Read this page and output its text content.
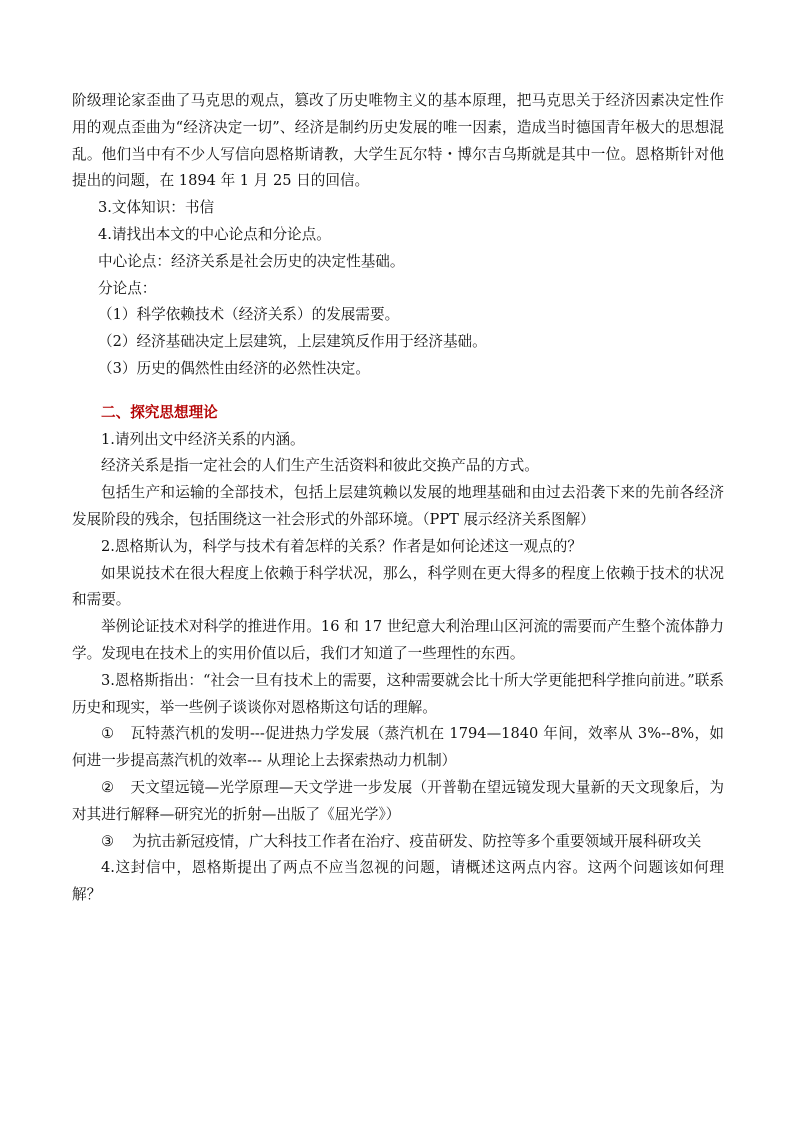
阶级理论家歪曲了马克思的观点，篡改了历史唯物主义的基本原理，把马克思关于经济因素决定性作用的观点歪曲为“经济决定一切”、经济是制约历史发展的唯一因素，造成当时德国青年极大的思想混乱。他们当中有不少人写信向恩格斯请教，大学生瓦尔特・博尔吉乌斯就是其中一位。恩格斯针对他提出的问题，在 1894 年 1 月 25 日的回信。

3.文体知识：书信

4.请找出本文的中心论点和分论点。

中心论点：经济关系是社会历史的决定性基础。

分论点：

（1）科学依赖技术（经济关系）的发展需要。

（2）经济基础决定上层建筑，上层建筑反作用于经济基础。

（3）历史的偶然性由经济的必然性决定。

二、探究思想理论

1.请列出文中经济关系的内涵。

经济关系是指一定社会的人们生产生活资料和彼此交换产品的方式。

包括生产和运输的全部技术，包括上层建筑赖以发展的地理基础和由过去沿袭下来的先前各经济发展阶段的残余，包括围绕这一社会形式的外部环境。（PPT 展示经济关系图解）

2.恩格斯认为，科学与技术有着怎样的关系？作者是如何论述这一观点的？

如果说技术在很大程度上依赖于科学状况，那么，科学则在更大得多的程度上依赖于技术的状况和需要。

举例论证技术对科学的推进作用。16 和 17 世纪意大利治理山区河流的需要而产生整个流体静力学。发现电在技术上的实用价值以后，我们才知道了一些理性的东西。

3.恩格斯指出：“社会一旦有技术上的需要，这种需要就会比十所大学更能把科学推向前进。”联系历史和现实，举一些例子谈谈你对恩格斯这句话的理解。

① 瓦特蒸汽机的发明---促进热力学发展（蒸汽机在 1794—1840 年间，效率从 3%--8%，如何进一步提高蒸汽机的效率--- 从理论上去探索热动力机制）

② 天文望远镜—光学原理—天文学进一步发展（开普勒在望远镜发现大量新的天文现象后，为对其进行解释—研究光的折射—出版了《屈光学》）

③ 为抗击新冠疫情，广大科技工作者在治疗、疫苗研发、防控等多个重要领域开展科研攻关

4.这封信中，恩格斯提出了两点不应当忽视的问题，请概述这两点内容。这两个问题该如何理解？
